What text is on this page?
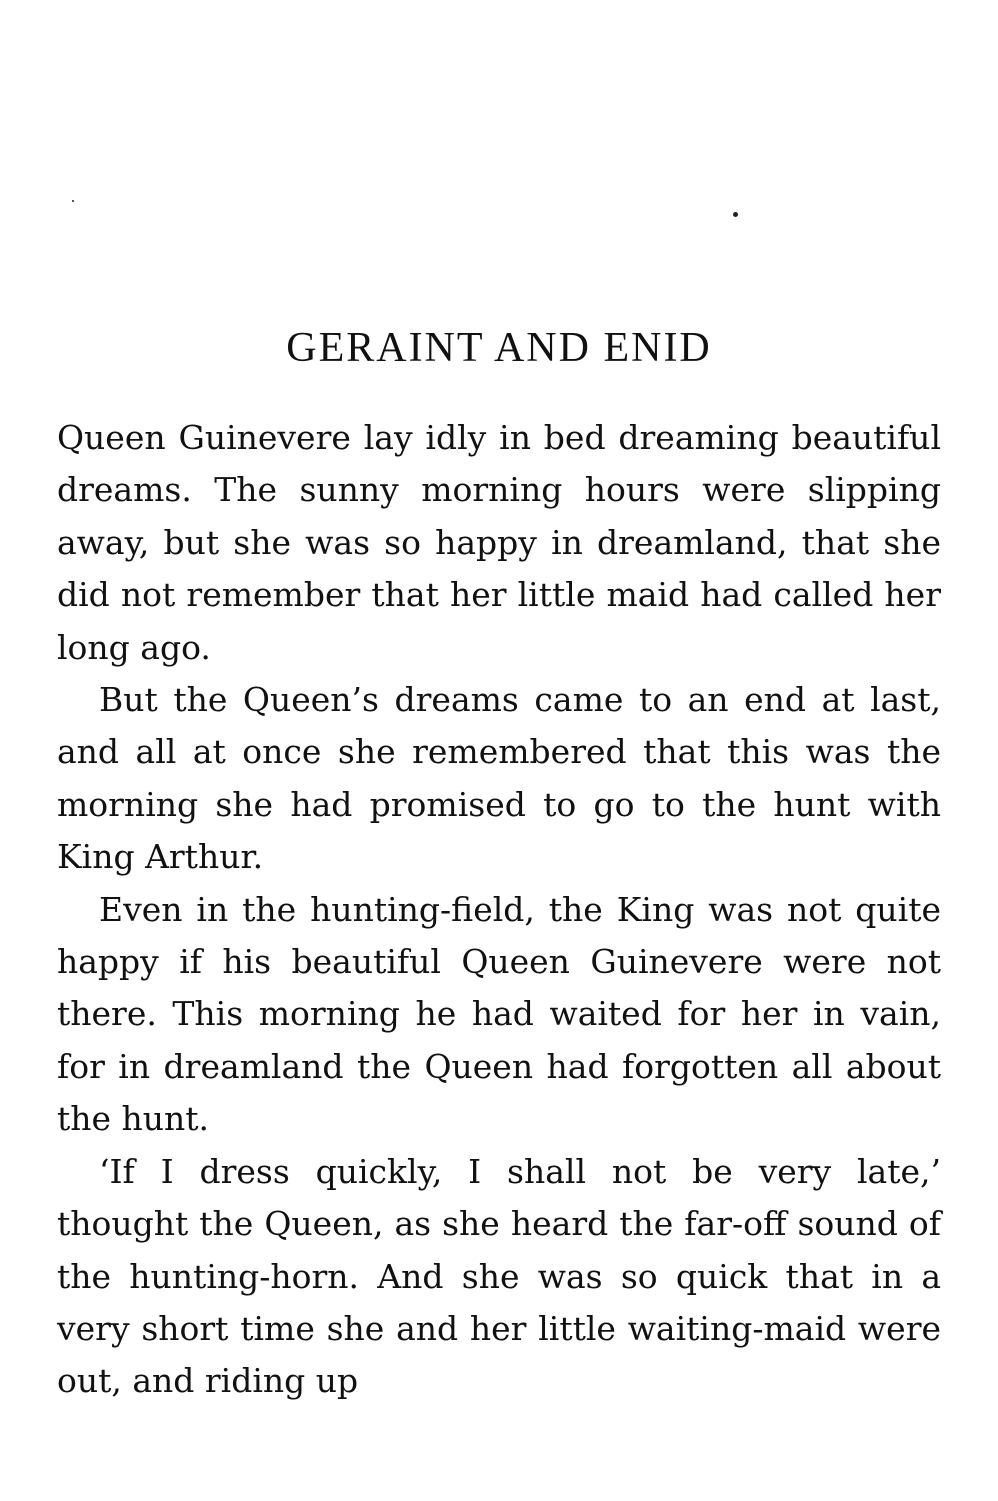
GERAINT AND ENID

Queen Guinevere lay idly in bed dreaming beautiful dreams. The sunny morning hours were slipping away, but she was so happy in dreamland, that she did not remember that her little maid had called her long ago.

But the Queen’s dreams came to an end at last, and all at once she remembered that this was the morning she had promised to go to the hunt with King Arthur.

Even in the hunting-field, the King was not quite happy if his beautiful Queen Guinevere were not there. This morning he had waited for her in vain, for in dreamland the Queen had forgotten all about the hunt.

‘If I dress quickly, I shall not be very late,’ thought the Queen, as she heard the far-off sound of the hunting-horn. And she was so quick that in a very short time she and her little waiting-maid were out, and riding up
